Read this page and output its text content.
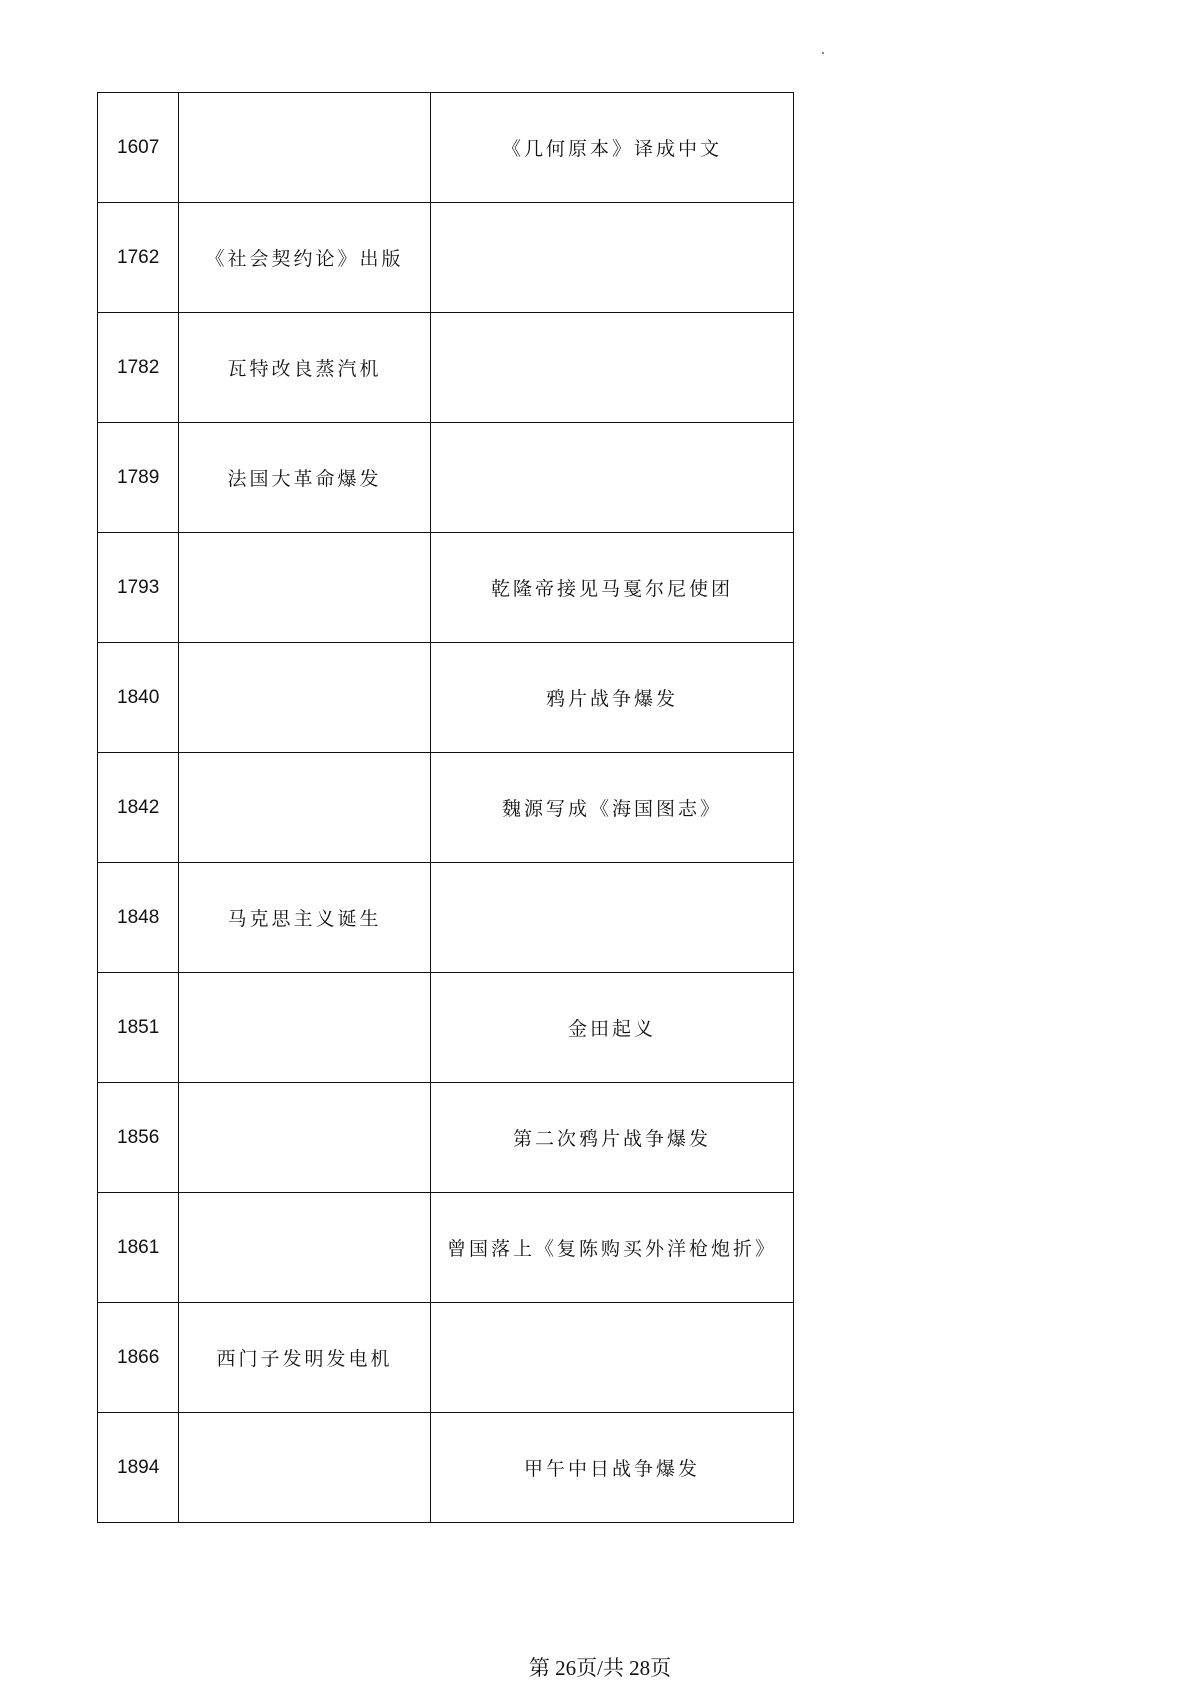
1607		《几何原本》译成中文
1762	《社会契约论》出版	
1782	瓦特改良蒸汽机	
1789	法国大革命爆发	
1793		乾隆帝接见马戛尔尼使团
1840		鸦片战争爆发
1842		魏源写成《海国图志》
1848	马克思主义诞生	
1851		金田起义
1856		第二次鸦片战争爆发
1861		曾国落上《复陈购买外洋枪炮折》
1866	西门子发明发电机	
1894		甲午中日战争爆发
第 26页/共 28页
